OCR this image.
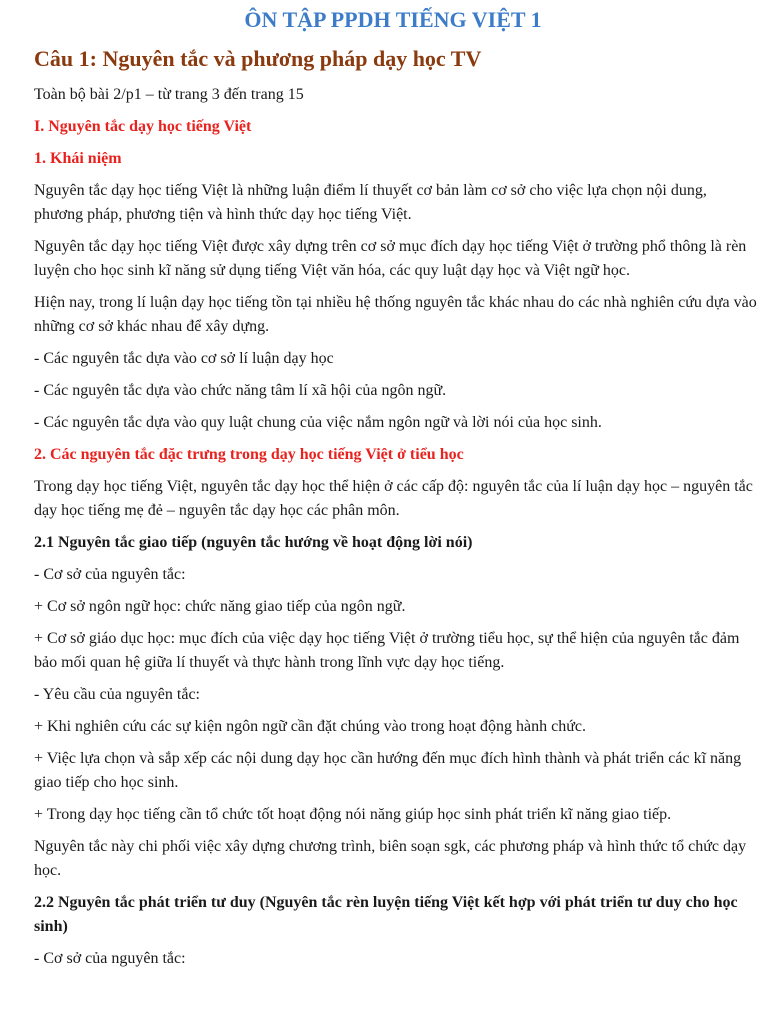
ÔN TẬP PPDH TIẾNG VIỆT 1
Câu 1: Nguyên tắc và phương pháp dạy học TV

Toàn bộ bài 2/p1 – từ trang 3 đến trang 15

I. Nguyên tắc dạy học tiếng Việt

1. Khái niệm

Nguyên tắc dạy học tiếng Việt là những luận điểm lí thuyết cơ bản làm cơ sở cho việc lựa chọn nội dung, phương pháp, phương tiện và hình thức dạy học tiếng Việt.

Nguyên tắc dạy học tiếng Việt được xây dựng trên cơ sở mục đích dạy học tiếng Việt ở trường phổ thông là rèn luyện cho học sinh kĩ năng sử dụng tiếng Việt văn hóa, các quy luật dạy học và Việt ngữ học.

Hiện nay, trong lí luận dạy học tiếng tồn tại nhiều hệ thống nguyên tắc khác nhau do các nhà nghiên cứu dựa vào những cơ sở khác nhau để xây dựng.

- Các nguyên tắc dựa vào cơ sở lí luận dạy học

- Các nguyên tắc dựa vào chức năng tâm lí xã hội của ngôn ngữ.

- Các nguyên tắc dựa vào quy luật chung của việc nắm ngôn ngữ và lời nói của học sinh.

2. Các nguyên tắc đặc trưng trong dạy học tiếng Việt ở tiểu học

Trong dạy học tiếng Việt, nguyên tắc dạy học thể hiện ở các cấp độ: nguyên tắc của lí luận dạy học – nguyên tắc dạy học tiếng mẹ đẻ – nguyên tắc dạy học các phân môn.

2.1 Nguyên tắc giao tiếp (nguyên tắc hướng về hoạt động lời nói)

- Cơ sở của nguyên tắc:

+ Cơ sở ngôn ngữ học: chức năng giao tiếp của ngôn ngữ.

+ Cơ sở giáo dục học: mục đích của việc dạy học tiếng Việt ở trường tiểu học, sự thể hiện của nguyên tắc đảm bảo mối quan hệ giữa lí thuyết và thực hành trong lĩnh vực dạy học tiếng.

- Yêu cầu của nguyên tắc:

+ Khi nghiên cứu các sự kiện ngôn ngữ cần đặt chúng vào trong hoạt động hành chức.

+ Việc lựa chọn và sắp xếp các nội dung dạy học cần hướng đến mục đích hình thành và phát triển các kĩ năng giao tiếp cho học sinh.

+ Trong dạy học tiếng cần tổ chức tốt hoạt động nói năng giúp học sinh phát triển kĩ năng giao tiếp.

Nguyên tắc này chi phối việc xây dựng chương trình, biên soạn sgk, các phương pháp và hình thức tổ chức dạy học.

2.2 Nguyên tắc phát triển tư duy (Nguyên tắc rèn luyện tiếng Việt kết hợp với phát triển tư duy cho học sinh)

- Cơ sở của nguyên tắc:
